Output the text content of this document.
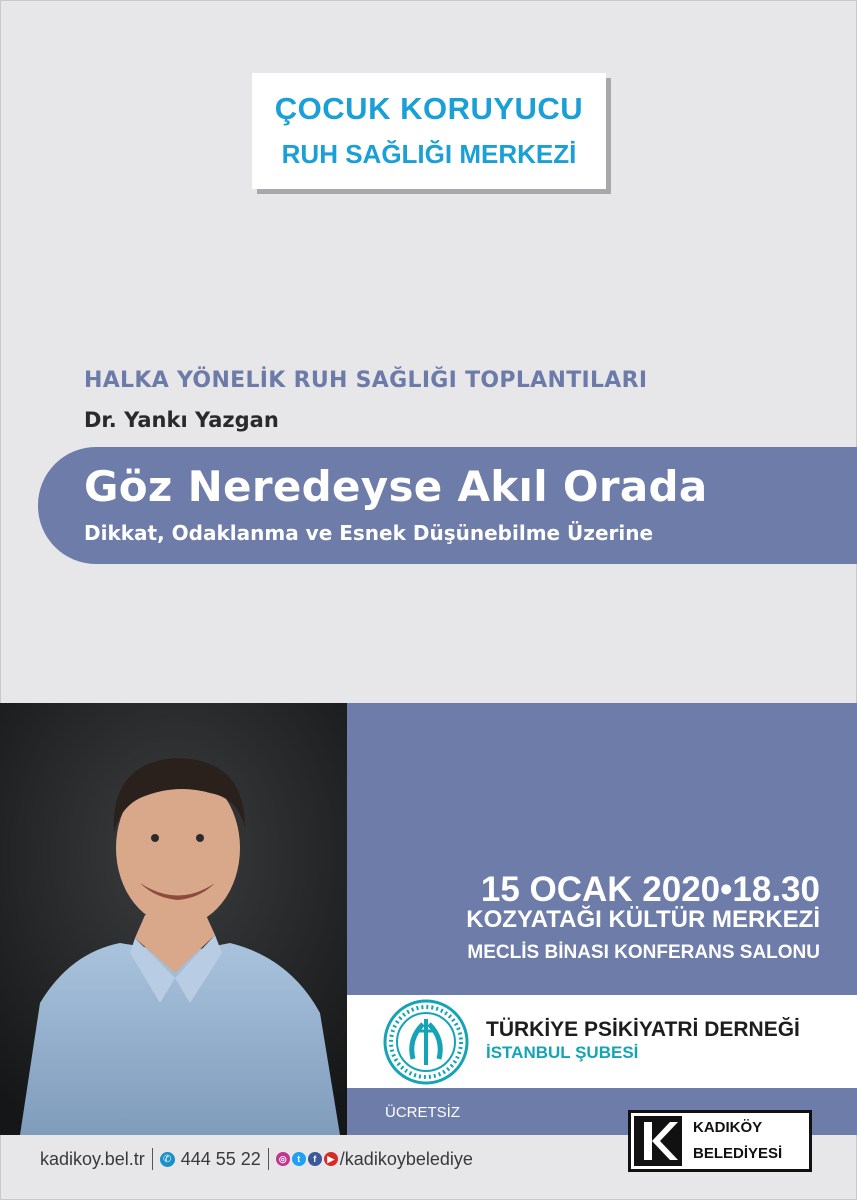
ÇOCUK KORUYUCU
RUH SAĞLIĞI MERKEZİ
HALKA YÖNELİK RUH SAĞLIĞI TOPLANTILARI
Dr. Yankı Yazgan
Göz Neredeyse Akıl Orada
Dikkat, Odaklanma ve Esnek Düşünebilme Üzerine
15 OCAK 2020•18.30
KOZYATAĞI KÜLTÜR MERKEZİ
MECLİS BİNASI KONFERANS SALONU
TÜRKİYE PSİKİYATRİ DERNEĞİ
İSTANBUL ŞUBESİ
ÜCRETSİZ
kadikoy.bel.tr	✆ 444 55 22	◎	t	f	▶ /kadikoybelediye
KADIKÖY
BELEDİYESİ
